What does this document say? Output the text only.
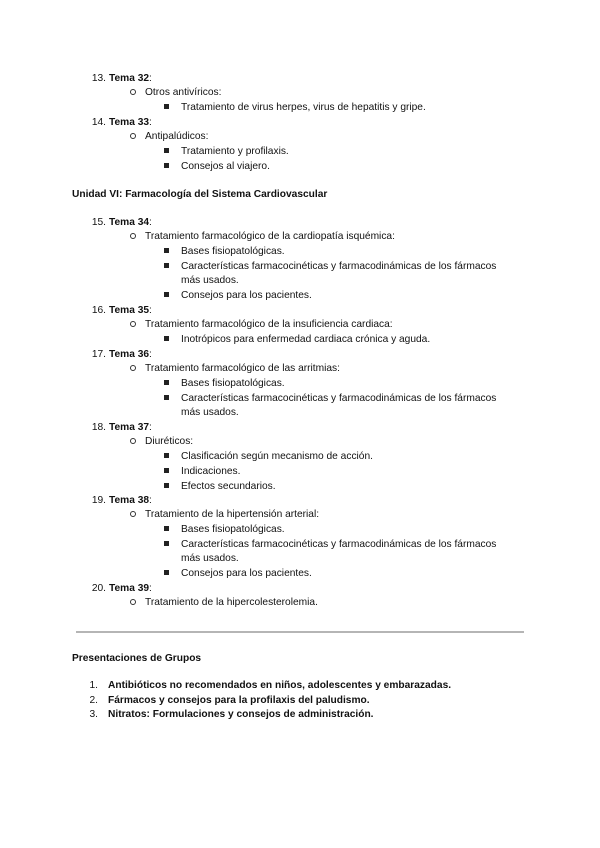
13. Tema 32:
Otros antivíricos:
Tratamiento de virus herpes, virus de hepatitis y gripe.
14. Tema 33:
Antipalúdicos:
Tratamiento y profilaxis.
Consejos al viajero.
Unidad VI: Farmacología del Sistema Cardiovascular
15. Tema 34:
Tratamiento farmacológico de la cardiopatía isquémica:
Bases fisiopatológicas.
Características farmacocinéticas y farmacodinámicas de los fármacos
más usados.
Consejos para los pacientes.
16. Tema 35:
Tratamiento farmacológico de la insuficiencia cardiaca:
Inotrópicos para enfermedad cardiaca crónica y aguda.
17. Tema 36:
Tratamiento farmacológico de las arritmias:
Bases fisiopatológicas.
Características farmacocinéticas y farmacodinámicas de los fármacos
más usados.
18. Tema 37:
Diuréticos:
Clasificación según mecanismo de acción.
Indicaciones.
Efectos secundarios.
19. Tema 38:
Tratamiento de la hipertensión arterial:
Bases fisiopatológicas.
Características farmacocinéticas y farmacodinámicas de los fármacos
más usados.
Consejos para los pacientes.
20. Tema 39:
Tratamiento de la hipercolesterolemia.
Presentaciones de Grupos
1. Antibióticos no recomendados en niños, adolescentes y embarazadas.
2. Fármacos y consejos para la profilaxis del paludismo.
3. Nitratos: Formulaciones y consejos de administración.
